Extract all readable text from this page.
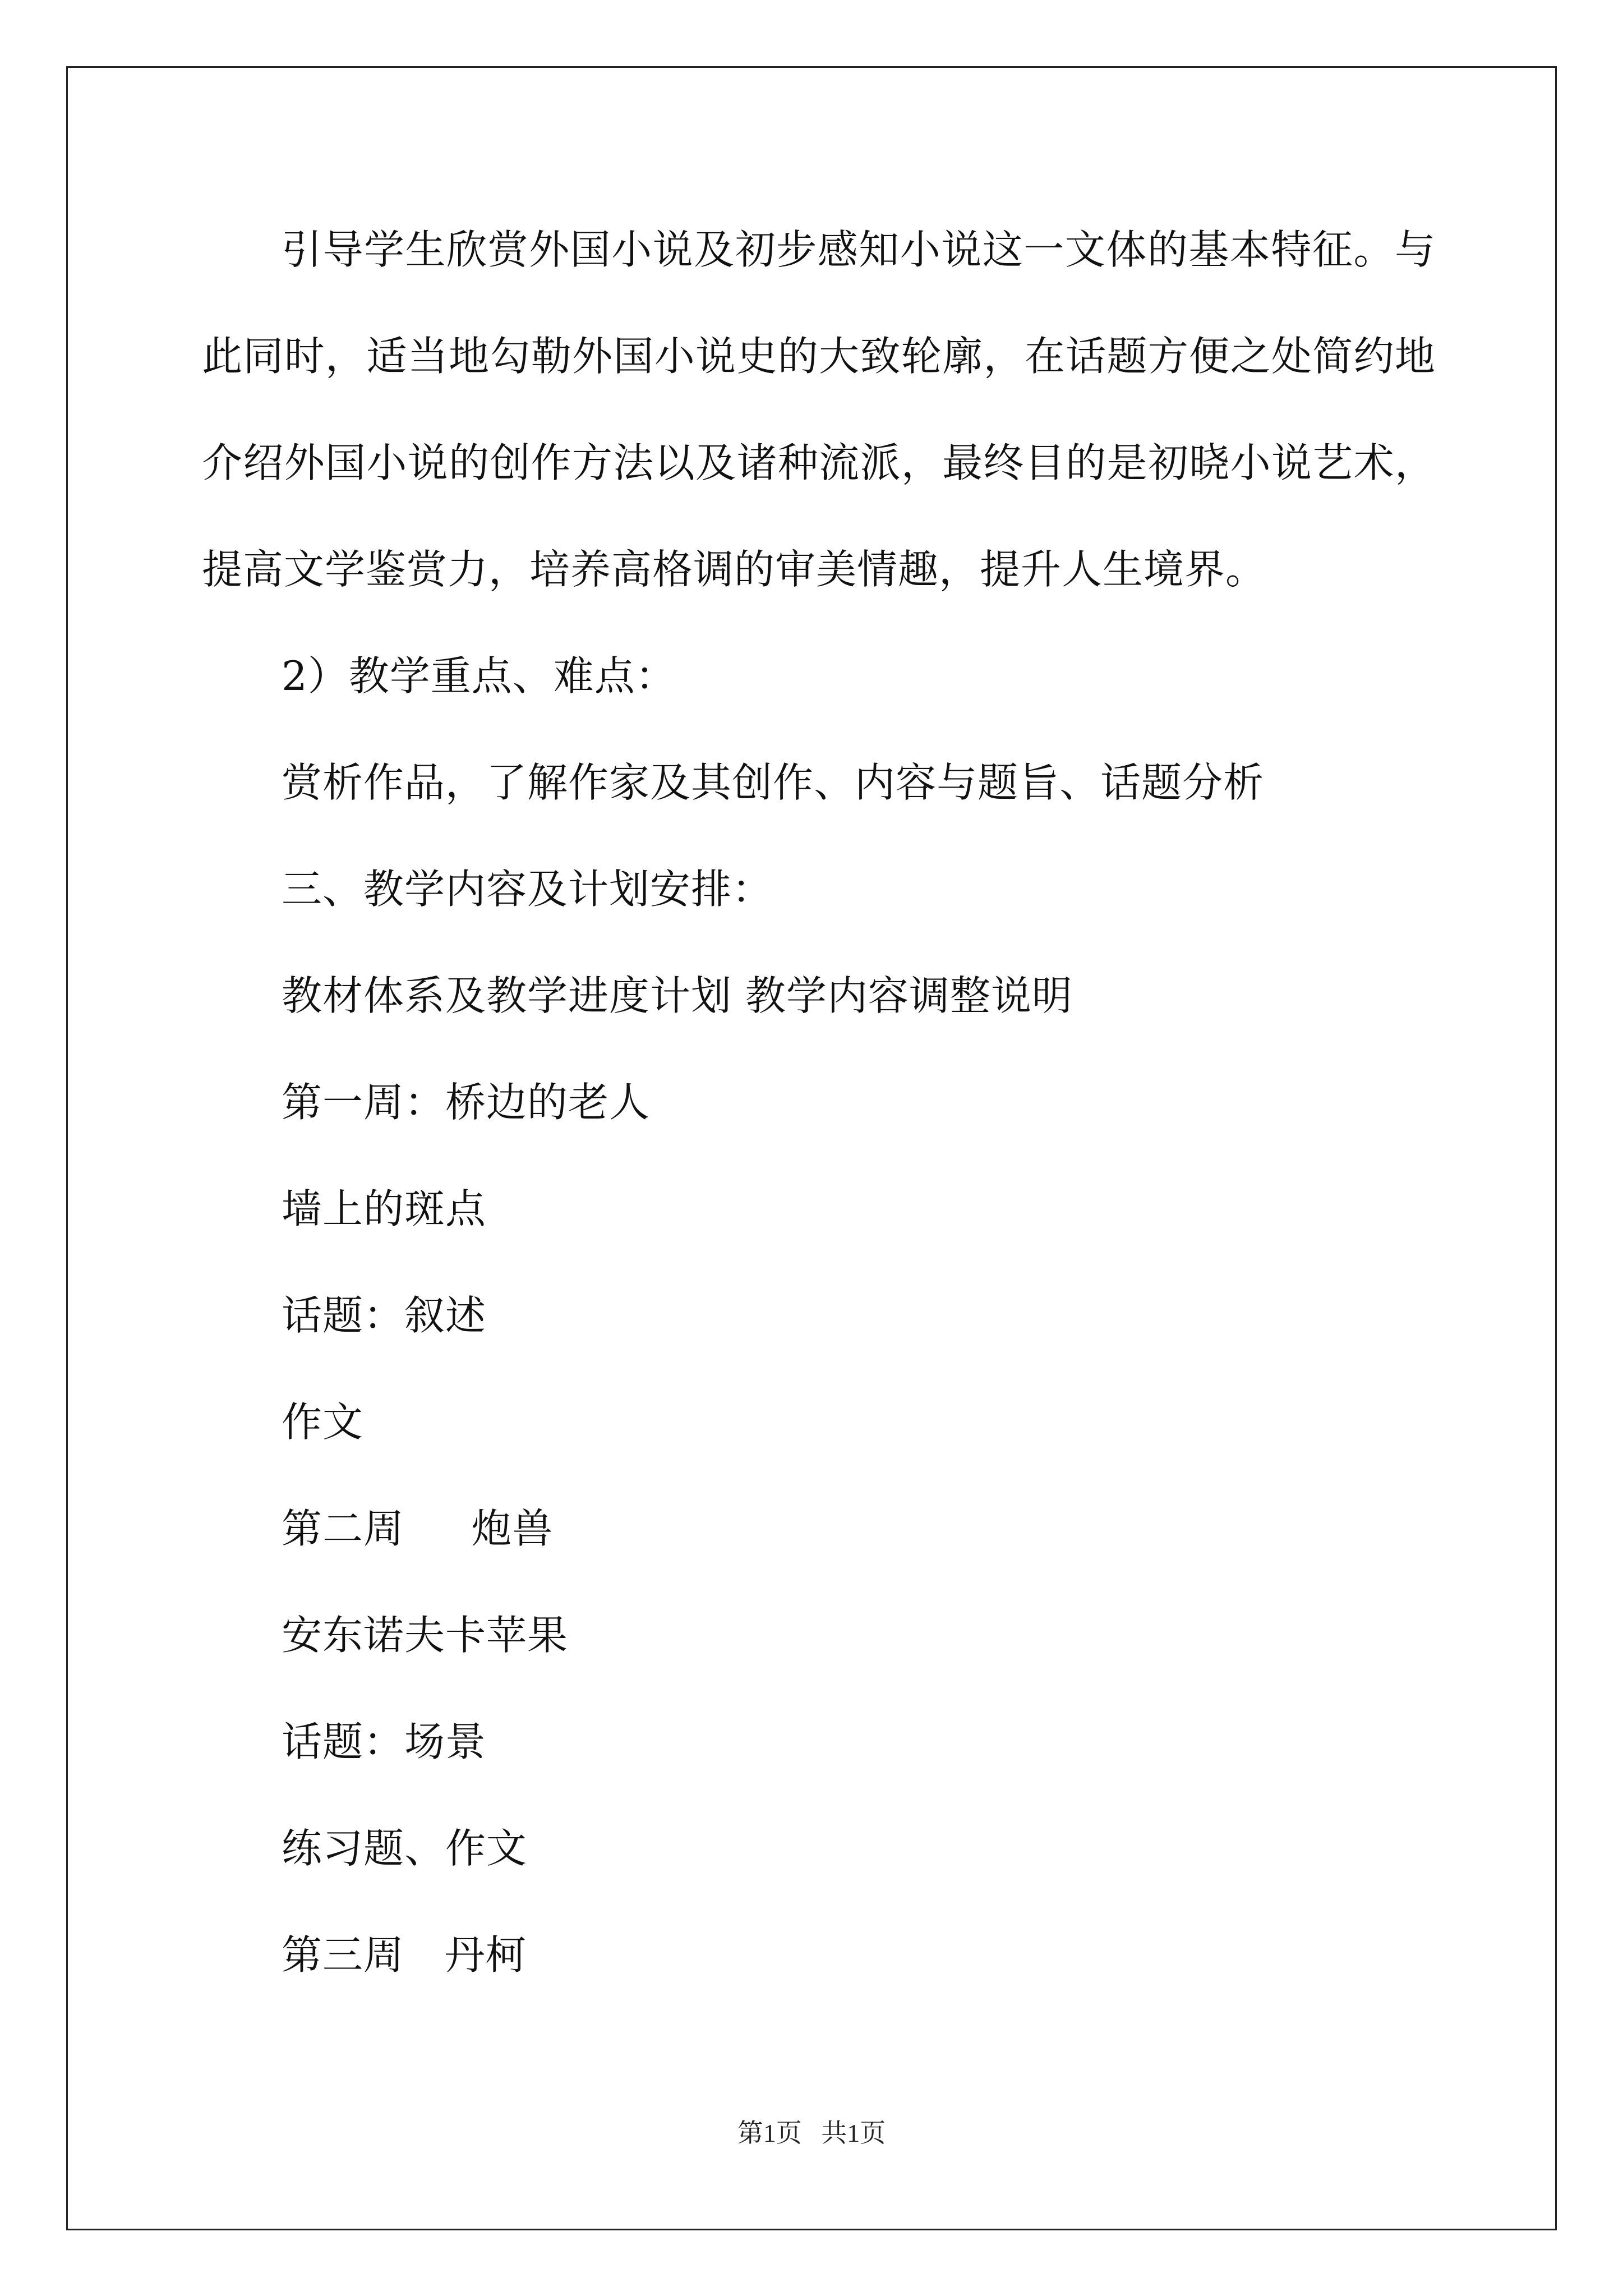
引导学生欣赏外国小说及初步感知小说这一文体的基本特征。与
此同时，适当地勾勒外国小说史的大致轮廓，在话题方便之处简约地
介绍外国小说的创作方法以及诸种流派，最终目的是初晓小说艺术，
提高文学鉴赏力，培养高格调的审美情趣，提升人生境界。
2）教学重点、难点：
赏析作品，了解作家及其创作、内容与题旨、话题分析
三、教学内容及计划安排：
教材体系及教学进度计划 教学内容调整说明
第一周：桥边的老人
墙上的斑点
话题：叙述
作文
第二周     炮兽
安东诺夫卡苹果
话题：场景
练习题、作文
第三周   丹柯
第1页   共1页
